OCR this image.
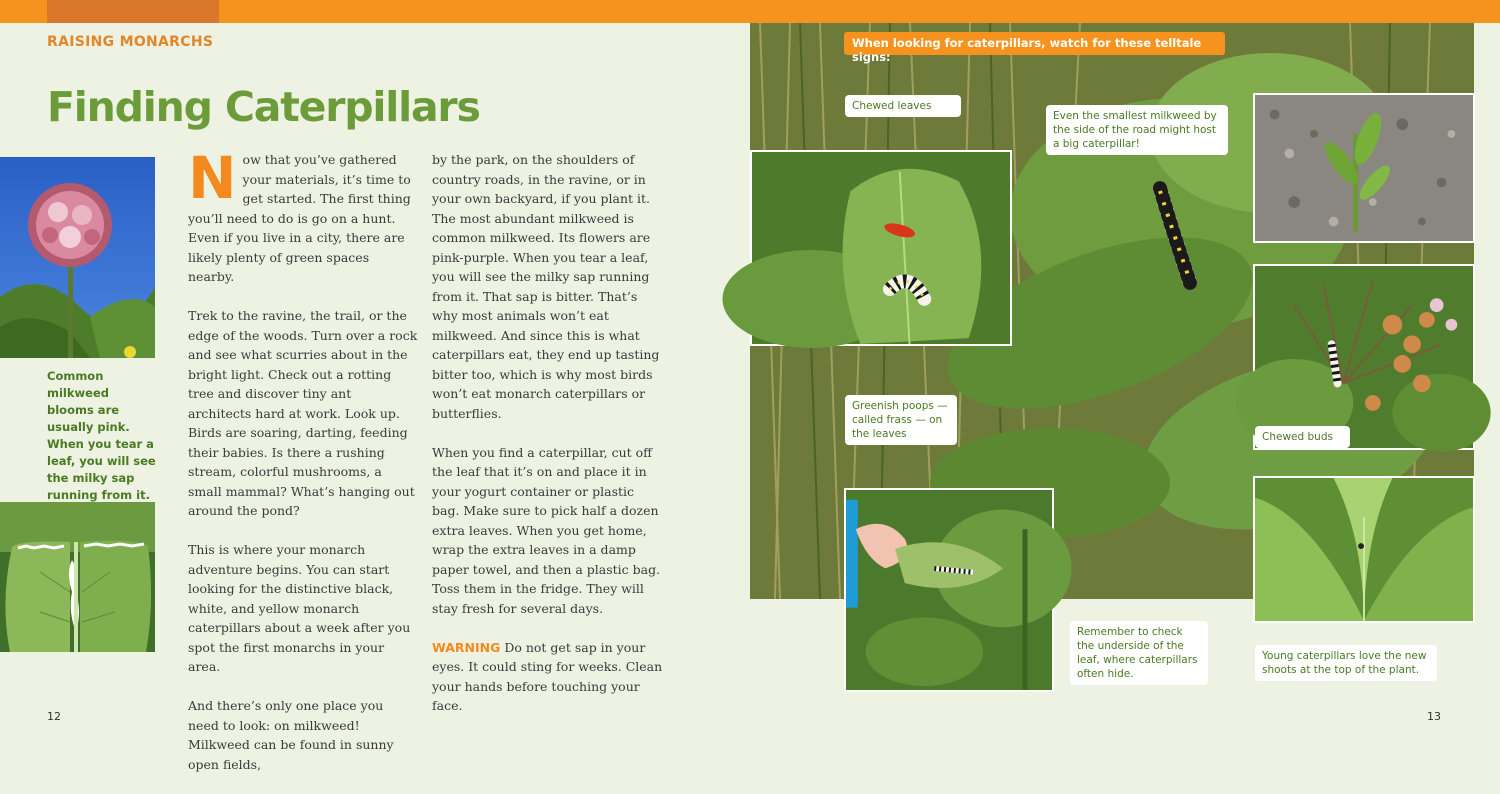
RAISING MONARCHS
Finding Caterpillars
Common milkweed blooms are usually pink. When you tear a leaf, you will see the milky sap running from it.

Now that you’ve gathered your materials, it’s time to get started. The first thing you’ll need to do is go on a hunt. Even if you live in a city, there are likely plenty of green spaces nearby.

Trek to the ravine, the trail, or the edge of the woods. Turn over a rock and see what scurries about in the bright light. Check out a rotting tree and discover tiny ant architects hard at work. Look up. Birds are soaring, darting, feeding their babies. Is there a rushing stream, colorful mushrooms, a small mammal? What’s hanging out around the pond?

This is where your monarch adventure begins. You can start looking for the distinctive black, white, and yellow monarch caterpillars about a week after you spot the first monarchs in your area.

And there’s only one place you need to look: on milkweed! Milkweed can be found in sunny open fields,

by the park, on the shoulders of country roads, in the ravine, or in your own backyard, if you plant it. The most abundant milkweed is common milkweed. Its flowers are pink-purple. When you tear a leaf, you will see the milky sap running from it. That sap is bitter. That’s why most animals won’t eat milkweed. And since this is what caterpillars eat, they end up tasting bitter too, which is why most birds won’t eat monarch caterpillars or butterflies.

When you find a caterpillar, cut off the leaf that it’s on and place it in your yogurt container or plastic bag. Make sure to pick half a dozen extra leaves. When you get home, wrap the extra leaves in a damp paper towel, and then a plastic bag. Toss them in the fridge. They will stay fresh for several days.

WARNING Do not get sap in your eyes. It could sting for weeks. Clean your hands before touching your face.

12
When looking for caterpillars, watch for these telltale signs:
Chewed leaves
Even the smallest milkweed by the side of the road might host a big caterpillar!
Greenish poops — called frass — on the leaves	Chewed buds
Remember to check the underside of the leaf, where caterpillars often hide.
Young caterpillars love the new shoots at the top of the plant.
13
